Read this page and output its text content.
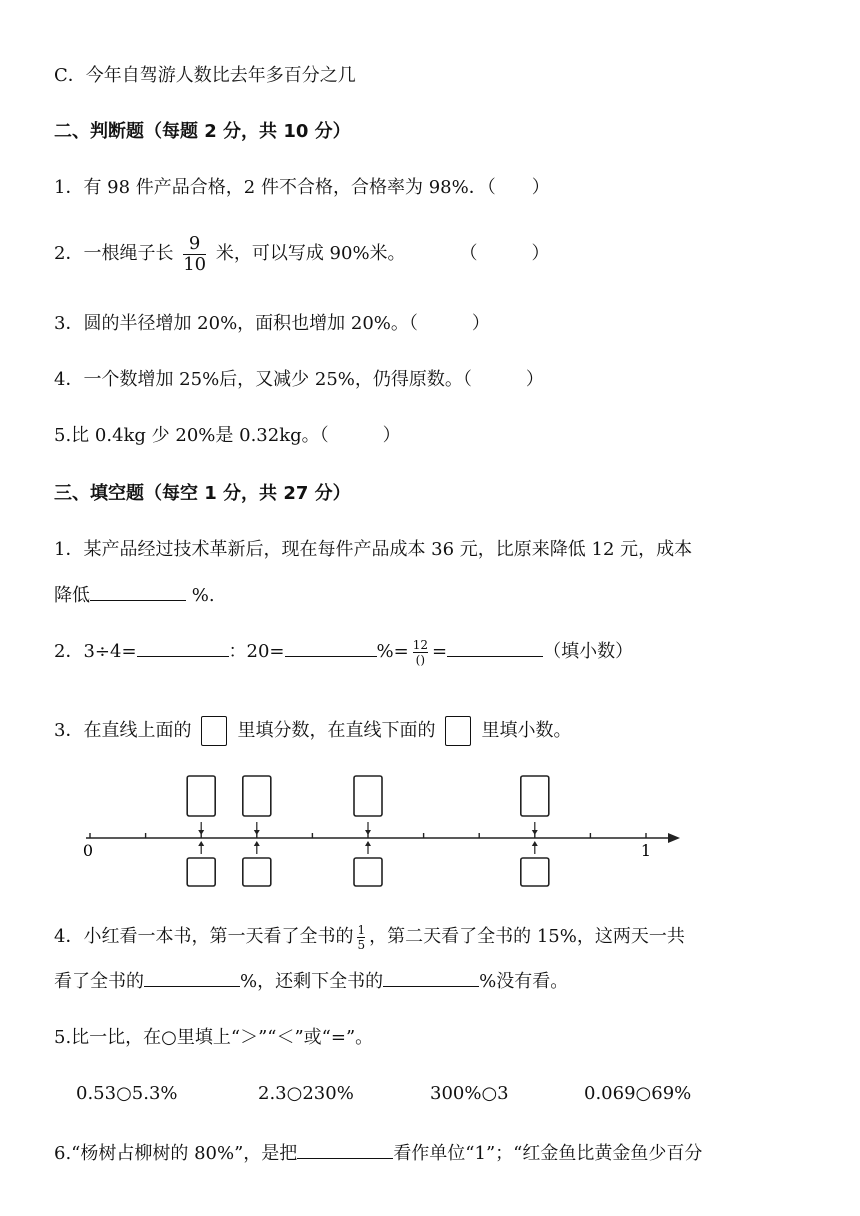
C．今年自驾游人数比去年多百分之几
二、判断题（每题 2 分，共 10 分）
1．有 98 件产品合格，2 件不合格，合格率为 98%．（　　）
2．一根绳子长 $\frac{9}{10}$ 米，可以写成 90%米。　　　　（　　　）
3．圆的半径增加 20%，面积也增加 20%。（　　　）
4．一个数增加 25%后，又减少 25%，仍得原数。（　　　）
5.比 0.4kg 少 20%是 0.32kg。（　　　）
三、填空题（每空 1 分，共 27 分）
1．某产品经过技术革新后，现在每件产品成本 36 元，比原来降低 12 元，成本
降低	%.
2．3÷4=	：20=	%= $\frac{12}{()}$ =	（填小数）
3．在直线上面的	里填分数，在直线下面的	里填小数。
0	1
4．小红看一本书，第一天看了全书的 $\frac{1}{5}$ ，第二天看了全书的 15%，这两天一共
看了全书的	%，还剩下全书的	%没有看。
5.比一比，在○里填上“＞”“＜”或“=”。
0.53○5.3%	2.3○230%	300%○3	0.069○69%
6.“杨树占柳树的 80%”，是把	看作单位“1”；“红金鱼比黄金鱼少百分
